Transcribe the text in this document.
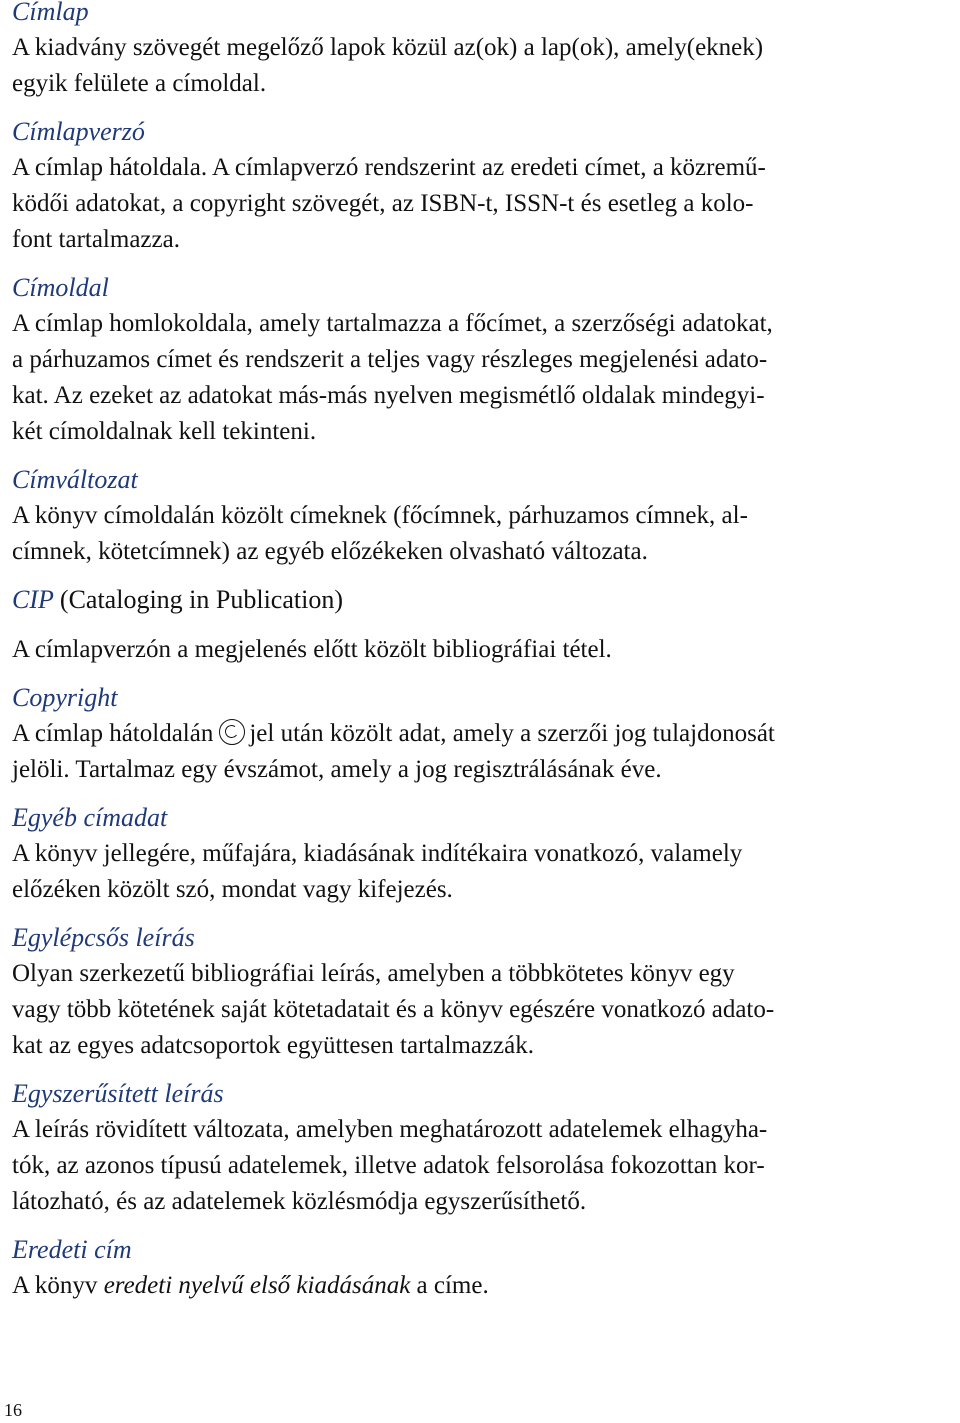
Címlap

A kiadvány szövegét megelőző lapok közül az(ok) a lap(ok), amely(eknek)
egyik felülete a címoldal.

Címlapverzó

A címlap hátoldala. A címlapverzó rendszerint az eredeti címet, a közremű-
ködői adatokat, a copyright szövegét, az ISBN-t, ISSN-t és esetleg a kolo-
font tartalmazza.

Címoldal

A címlap homlokoldala, amely tartalmazza a főcímet, a szerzőségi adatokat,
a párhuzamos címet és rendszerit a teljes vagy részleges megjelenési adato-
kat. Az ezeket az adatokat más-más nyelven megismétlő oldalak mindegyi-
két címoldalnak kell tekinteni.

Címváltozat

A könyv címoldalán közölt címeknek (főcímnek, párhuzamos címnek, al-
címnek, kötetcímnek) az egyéb előzékeken olvasható változata.

CIP (Cataloging in Publication)

A címlapverzón a megjelenés előtt közölt bibliográfiai tétel.

Copyright

A címlap hátoldalán jel után közölt adat, amely a szerzői jog tulajdonosát
jelöli. Tartalmaz egy évszámot, amely a jog regisztrálásának éve.

Egyéb címadat

A könyv jellegére, műfajára, kiadásának indítékaira vonatkozó, valamely
előzéken közölt szó, mondat vagy kifejezés.

Egylépcsős leírás

Olyan szerkezetű bibliográfiai leírás, amelyben a többkötetes könyv egy
vagy több kötetének saját kötetadatait és a könyv egészére vonatkozó adato-
kat az egyes adatcsoportok együttesen tartalmazzák.

Egyszerűsített leírás

A leírás rövidített változata, amelyben meghatározott adatelemek elhagyha-
tók, az azonos típusú adatelemek, illetve adatok felsorolása fokozottan kor-
látozható, és az adatelemek közlésmódja egyszerűsíthető.

Eredeti cím

A könyv eredeti nyelvű első kiadásának a címe.
16
